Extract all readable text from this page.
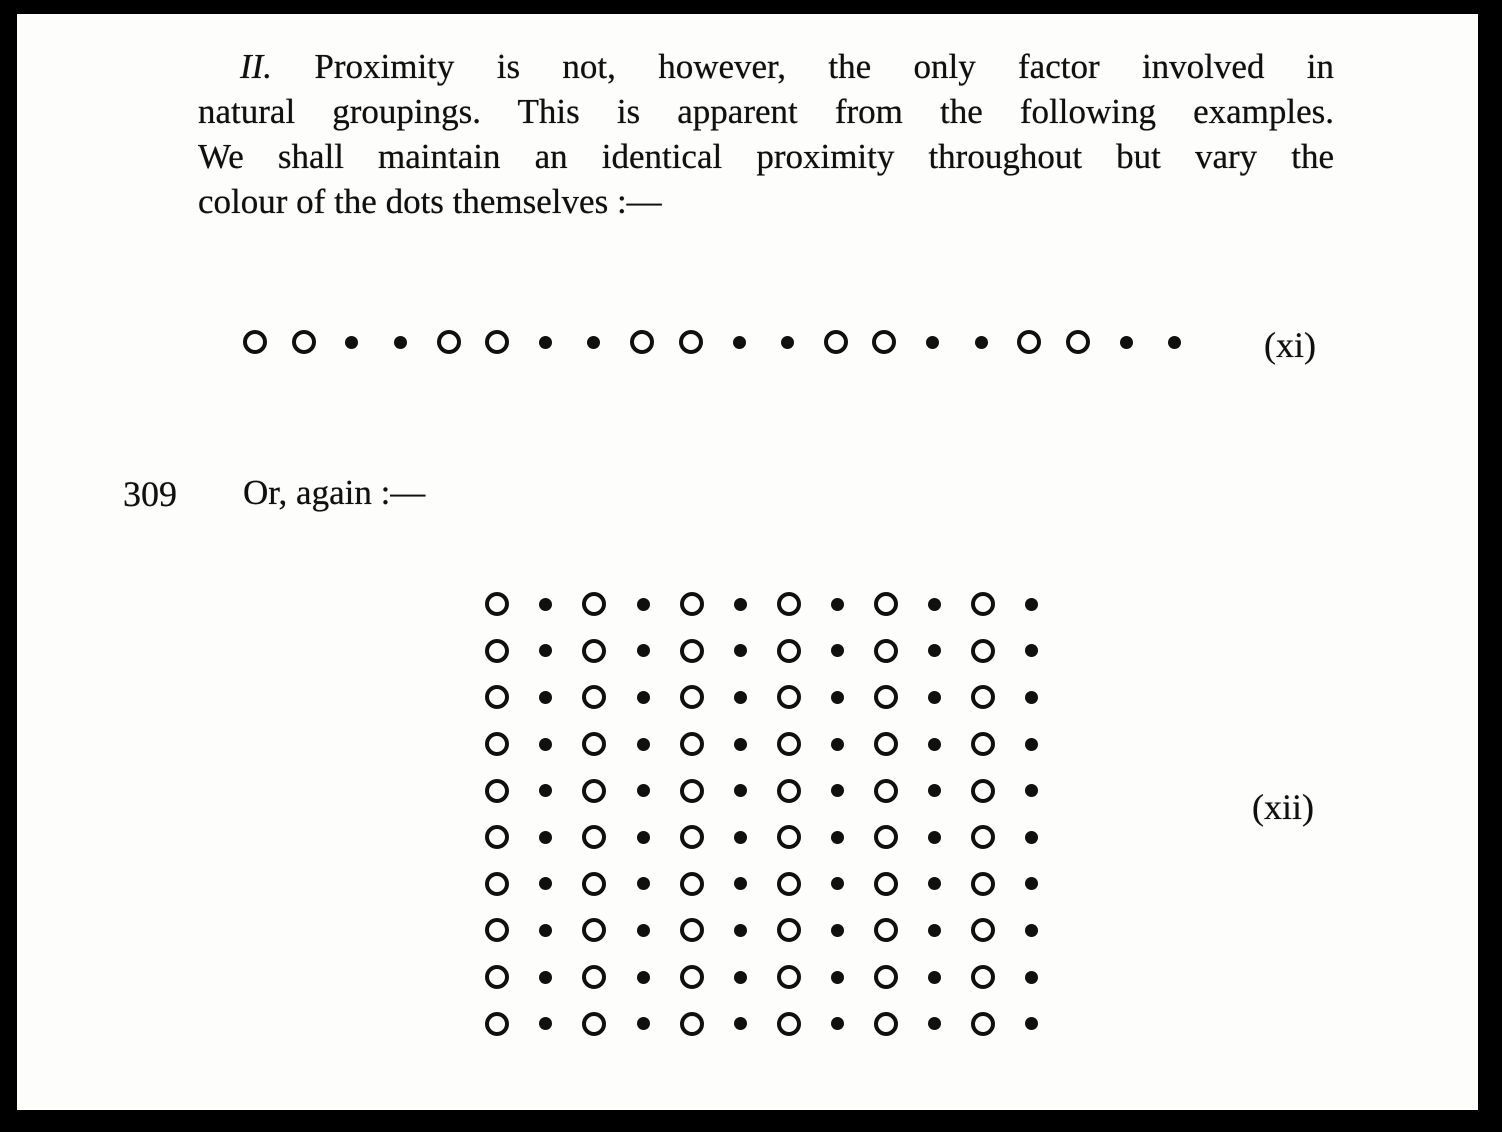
II. Proximity is not, however, the only factor involved in
natural groupings. This is apparent from the following examples.
We shall maintain an identical proximity throughout but vary the
colour of the dots themselves :—
(xi)
309 Or, again :—
(xii)
